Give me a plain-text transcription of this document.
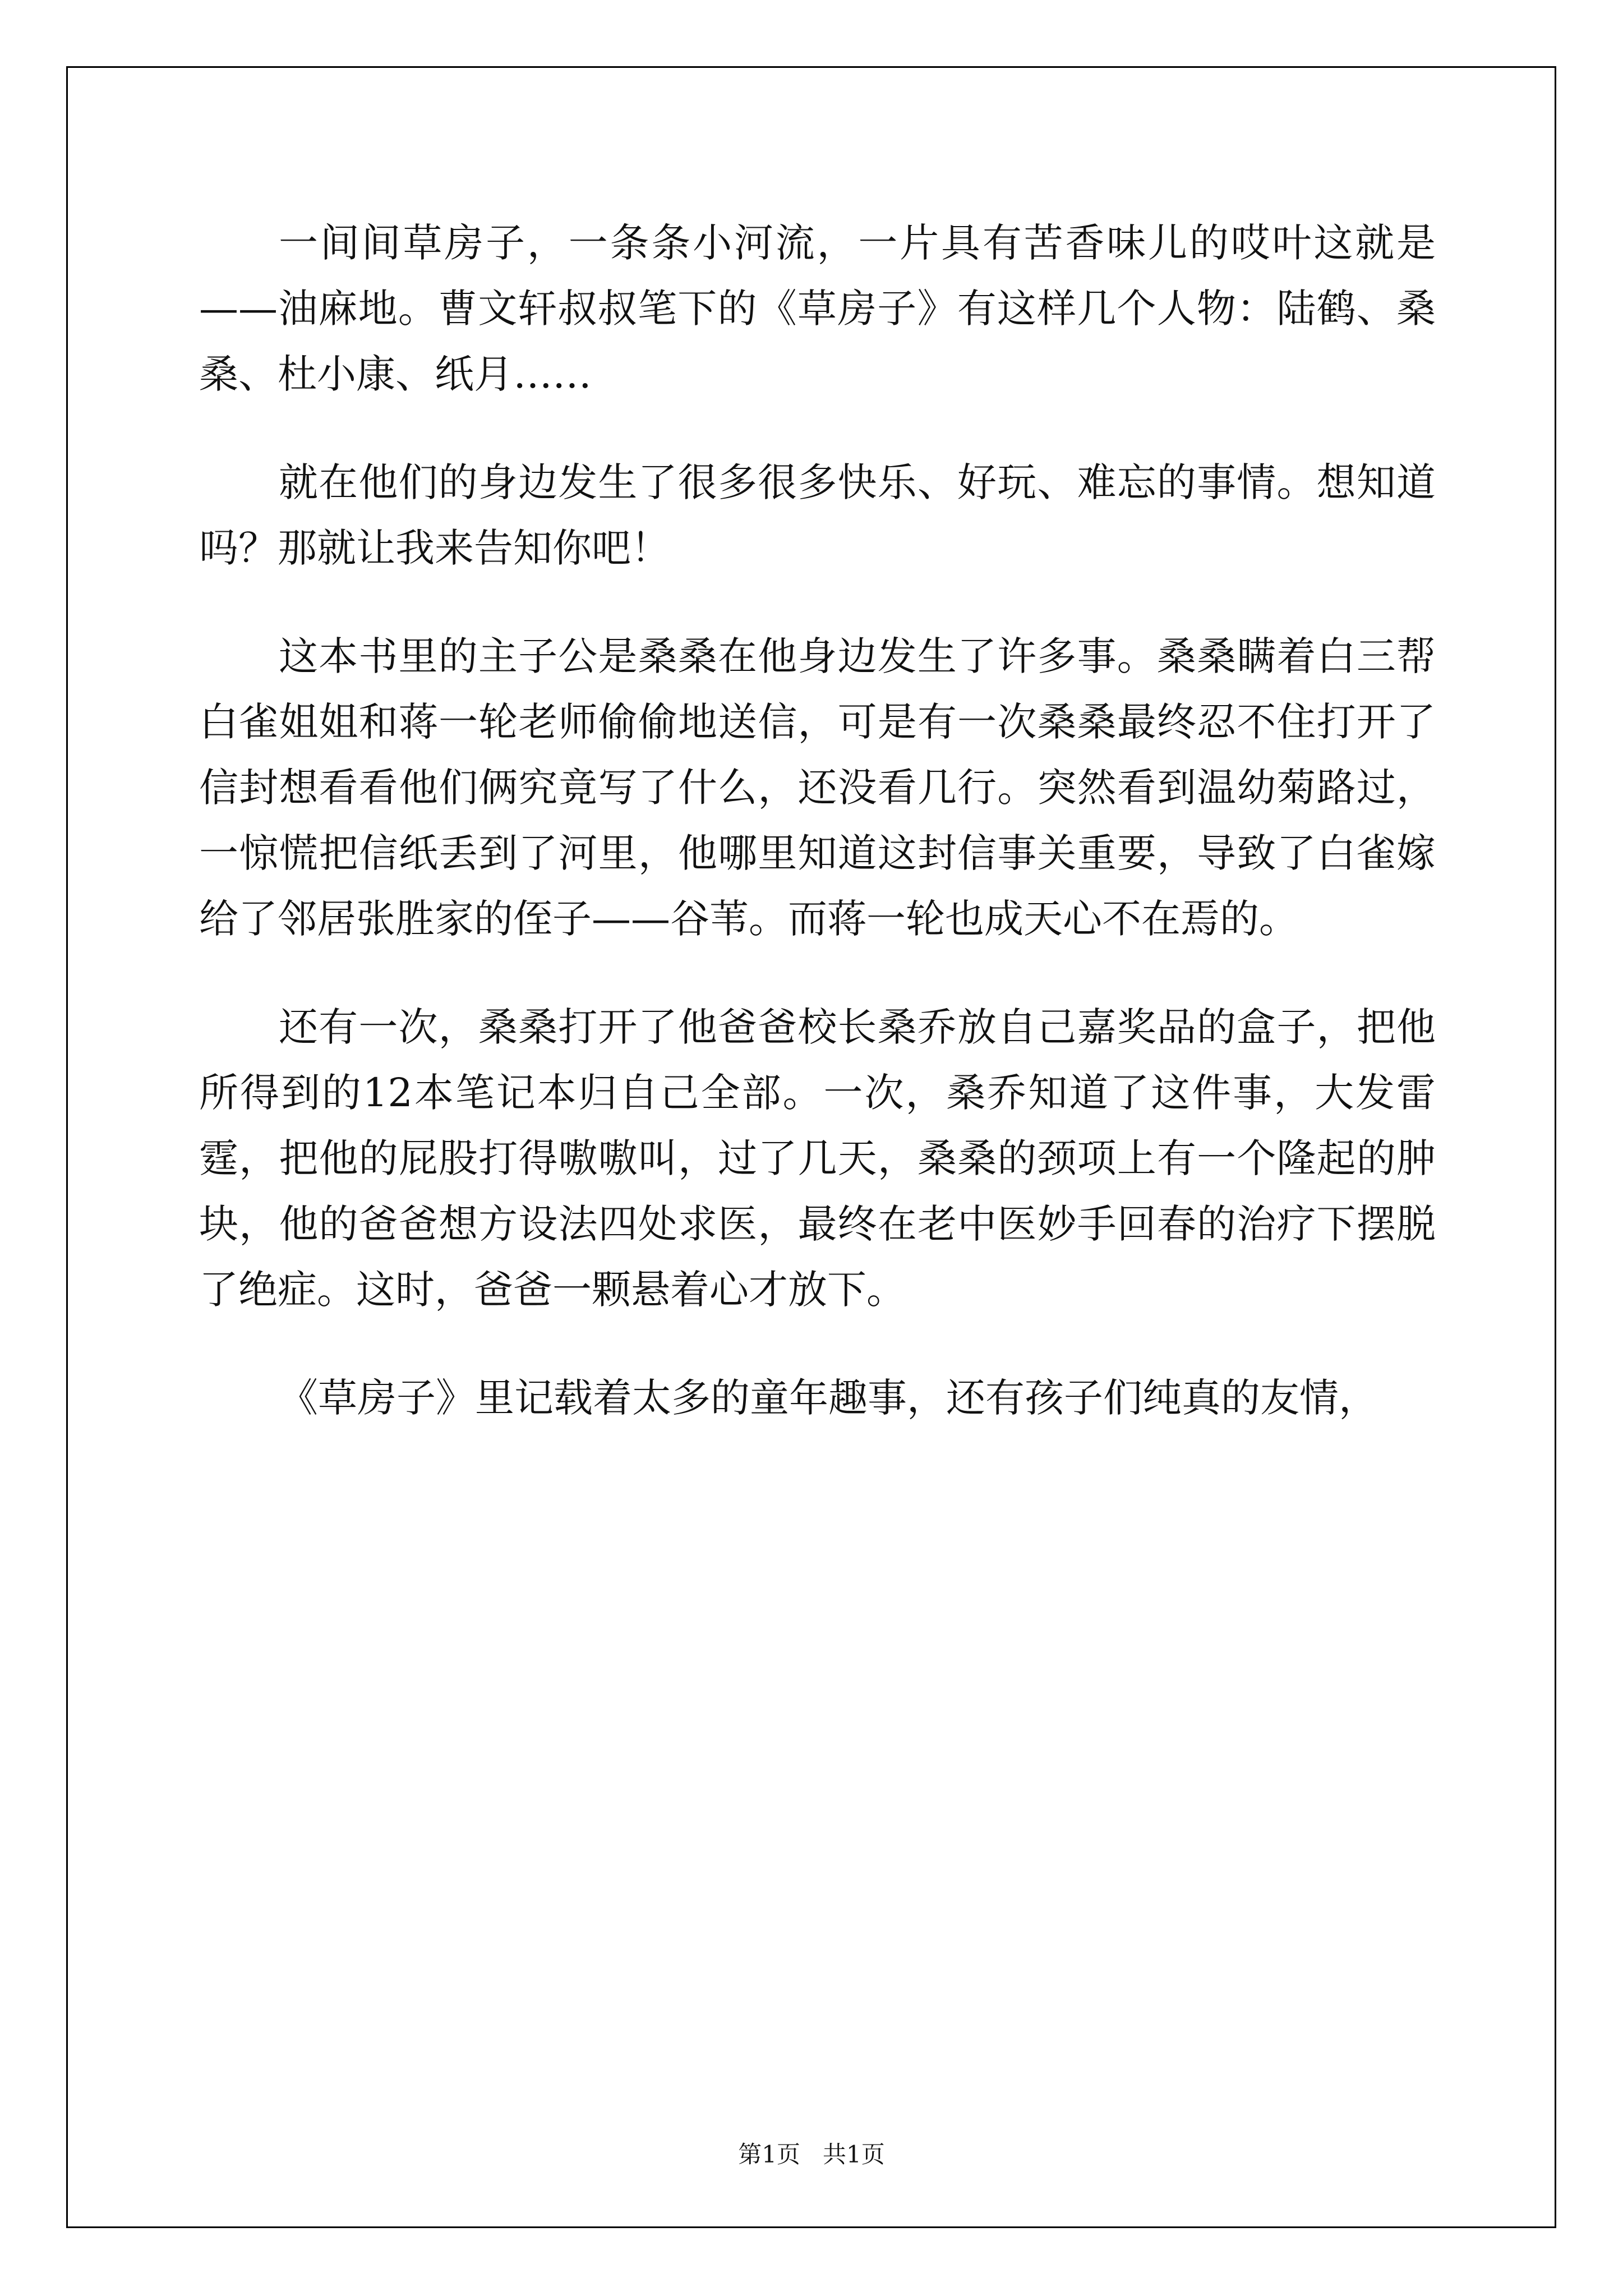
一间间草房子，一条条小河流，一片具有苦香味儿的哎叶这就是——油麻地。曹文轩叔叔笔下的《草房子》有这样几个人物：陆鹤、桑桑、杜小康、纸月……

就在他们的身边发生了很多很多快乐、好玩、难忘的事情。想知道吗？那就让我来告知你吧！

这本书里的主子公是桑桑在他身边发生了许多事。桑桑瞒着白三帮白雀姐姐和蒋一轮老师偷偷地送信，可是有一次桑桑最终忍不住打开了信封想看看他们俩究竟写了什么，还没看几行。突然看到温幼菊路过，一惊慌把信纸丢到了河里，他哪里知道这封信事关重要，导致了白雀嫁给了邻居张胜家的侄子——谷苇。而蒋一轮也成天心不在焉的。

还有一次，桑桑打开了他爸爸校长桑乔放自己嘉奖品的盒子，把他所得到的12本笔记本归自己全部。一次，桑乔知道了这件事，大发雷霆，把他的屁股打得嗷嗷叫，过了几天，桑桑的颈项上有一个隆起的肿块，他的爸爸想方设法四处求医，最终在老中医妙手回春的治疗下摆脱了绝症。这时，爸爸一颗悬着心才放下。

《草房子》里记载着太多的童年趣事，还有孩子们纯真的友情，

第1页   共1页
